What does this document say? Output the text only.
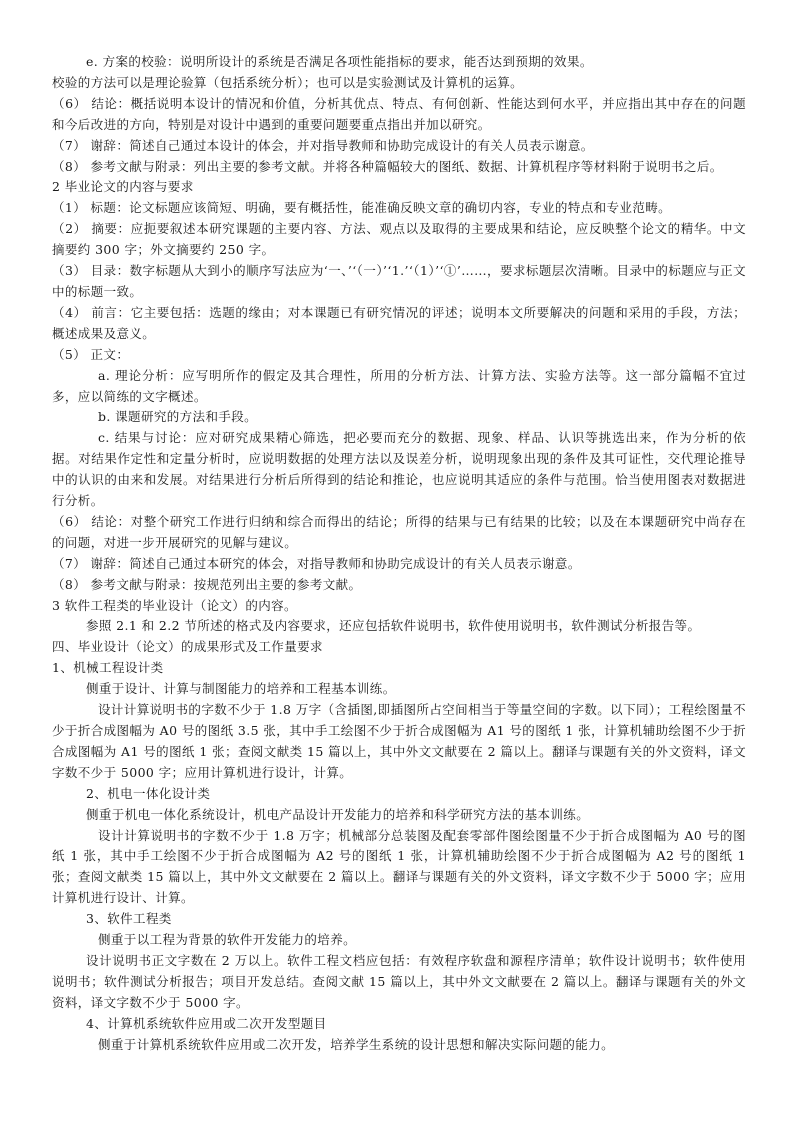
e. 方案的校验：说明所设计的系统是否满足各项性能指标的要求，能否达到预期的效果。

校验的方法可以是理论验算（包括系统分析）；也可以是实验测试及计算机的运算。

（6） 结论：概括说明本设计的情况和价值，分析其优点、特点、有何创新、性能达到何水平，并应指出其中存在的问题和今后改进的方向，特别是对设计中遇到的重要问题要重点指出并加以研究。

（7） 谢辞：简述自己通过本设计的体会，并对指导教师和协助完成设计的有关人员表示谢意。

（8） 参考文献与附录：列出主要的参考文献。并将各种篇幅较大的图纸、数据、计算机程序等材料附于说明书之后。

2 毕业论文的内容与要求

（1） 标题：论文标题应该简短、明确，要有概括性，能准确反映文章的确切内容，专业的特点和专业范畴。

（2） 摘要：应扼要叙述本研究课题的主要内容、方法、观点以及取得的主要成果和结论，应反映整个论文的精华。中文摘要约 300 字；外文摘要约 250 字。

（3） 目录：数字标题从大到小的顺序写法应为‘一、’‘（一）’‘1.’‘（1）’‘①’……，要求标题层次清晰。目录中的标题应与正文中的标题一致。

（4） 前言：它主要包括：选题的缘由；对本课题已有研究情况的评述；说明本文所要解决的问题和采用的手段，方法；概述成果及意义。

（5） 正文：

a. 理论分析：应写明所作的假定及其合理性，所用的分析方法、计算方法、实验方法等。这一部分篇幅不宜过多，应以简练的文字概述。

b. 课题研究的方法和手段。

c. 结果与讨论：应对研究成果精心筛选，把必要而充分的数据、现象、样品、认识等挑选出来，作为分析的依据。对结果作定性和定量分析时，应说明数据的处理方法以及误差分析，说明现象出现的条件及其可证性，交代理论推导中的认识的由来和发展。对结果进行分析后所得到的结论和推论，也应说明其适应的条件与范围。恰当使用图表对数据进行分析。

（6） 结论：对整个研究工作进行归纳和综合而得出的结论；所得的结果与已有结果的比较；以及在本课题研究中尚存在的问题，对进一步开展研究的见解与建议。

（7） 谢辞：简述自己通过本研究的体会，对指导教师和协助完成设计的有关人员表示谢意。

（8） 参考文献与附录：按规范列出主要的参考文献。

3 软件工程类的毕业设计（论文）的内容。

参照 2.1 和 2.2 节所述的格式及内容要求，还应包括软件说明书，软件使用说明书，软件测试分析报告等。

四、毕业设计（论文）的成果形式及工作量要求

1、机械工程设计类

侧重于设计、计算与制图能力的培养和工程基本训练。

设计计算说明书的字数不少于 1.8 万字（含插图,即插图所占空间相当于等量空间的字数。以下同）；工程绘图量不少于折合成图幅为 A0 号的图纸 3.5 张，其中手工绘图不少于折合成图幅为 A1 号的图纸 1 张，计算机辅助绘图不少于折合成图幅为 A1 号的图纸 1 张；查阅文献类 15 篇以上，其中外文文献要在 2 篇以上。翻译与课题有关的外文资料，译文字数不少于 5000 字；应用计算机进行设计，计算。

2、机电一体化设计类

侧重于机电一体化系统设计，机电产品设计开发能力的培养和科学研究方法的基本训练。

设计计算说明书的字数不少于 1.8 万字；机械部分总装图及配套零部件图绘图量不少于折合成图幅为 A0 号的图纸 1 张，其中手工绘图不少于折合成图幅为 A2 号的图纸 1 张，计算机辅助绘图不少于折合成图幅为 A2 号的图纸 1 张；查阅文献类 15 篇以上，其中外文文献要在 2 篇以上。翻译与课题有关的外文资料，译文字数不少于 5000 字；应用计算机进行设计、计算。

3、软件工程类

侧重于以工程为背景的软件开发能力的培养。

设计说明书正文字数在 2 万以上。软件工程文档应包括：有效程序软盘和源程序清单；软件设计说明书；软件使用说明书；软件测试分析报告；项目开发总结。查阅文献 15 篇以上，其中外文文献要在 2 篇以上。翻译与课题有关的外文资料，译文字数不少于 5000 字。

4、计算机系统软件应用或二次开发型题目

侧重于计算机系统软件应用或二次开发，培养学生系统的设计思想和解决实际问题的能力。
